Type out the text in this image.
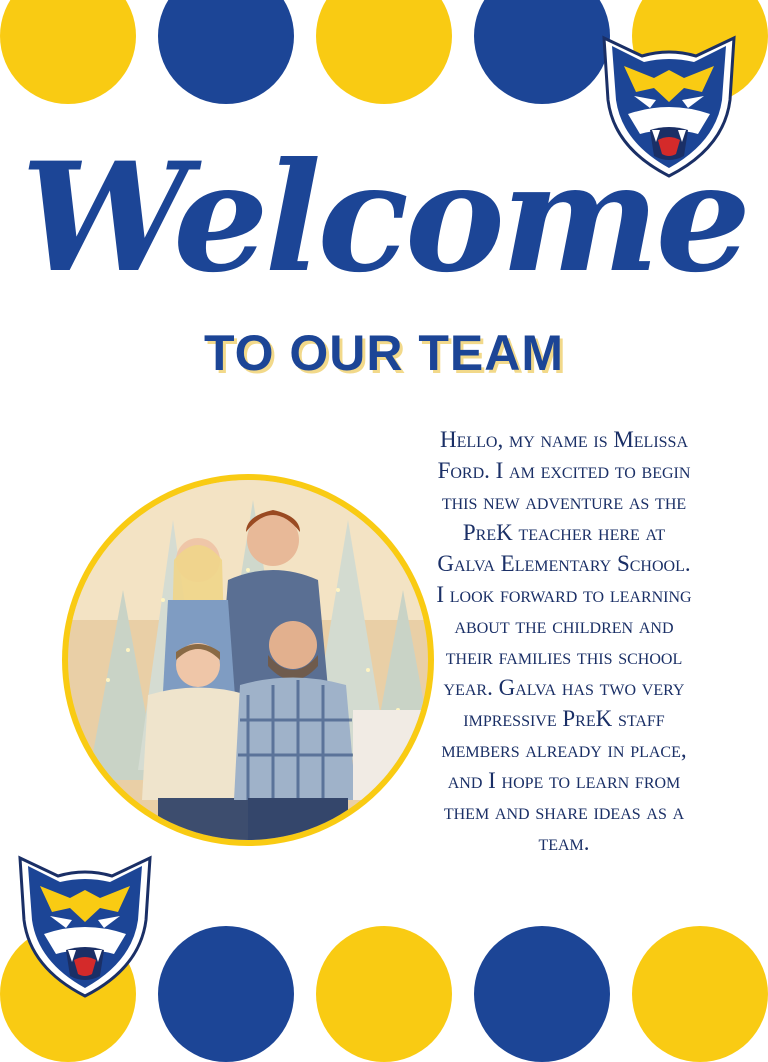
Welcome
TO OUR TEAM
Hello, my name is Melissa Ford. I am excited to begin this new adventure as the PreK teacher here at Galva Elementary School. I look forward to learning about the children and their families this school year. Galva has two very impressive PreK staff members already in place, and I hope to learn from them and share ideas as a team.
